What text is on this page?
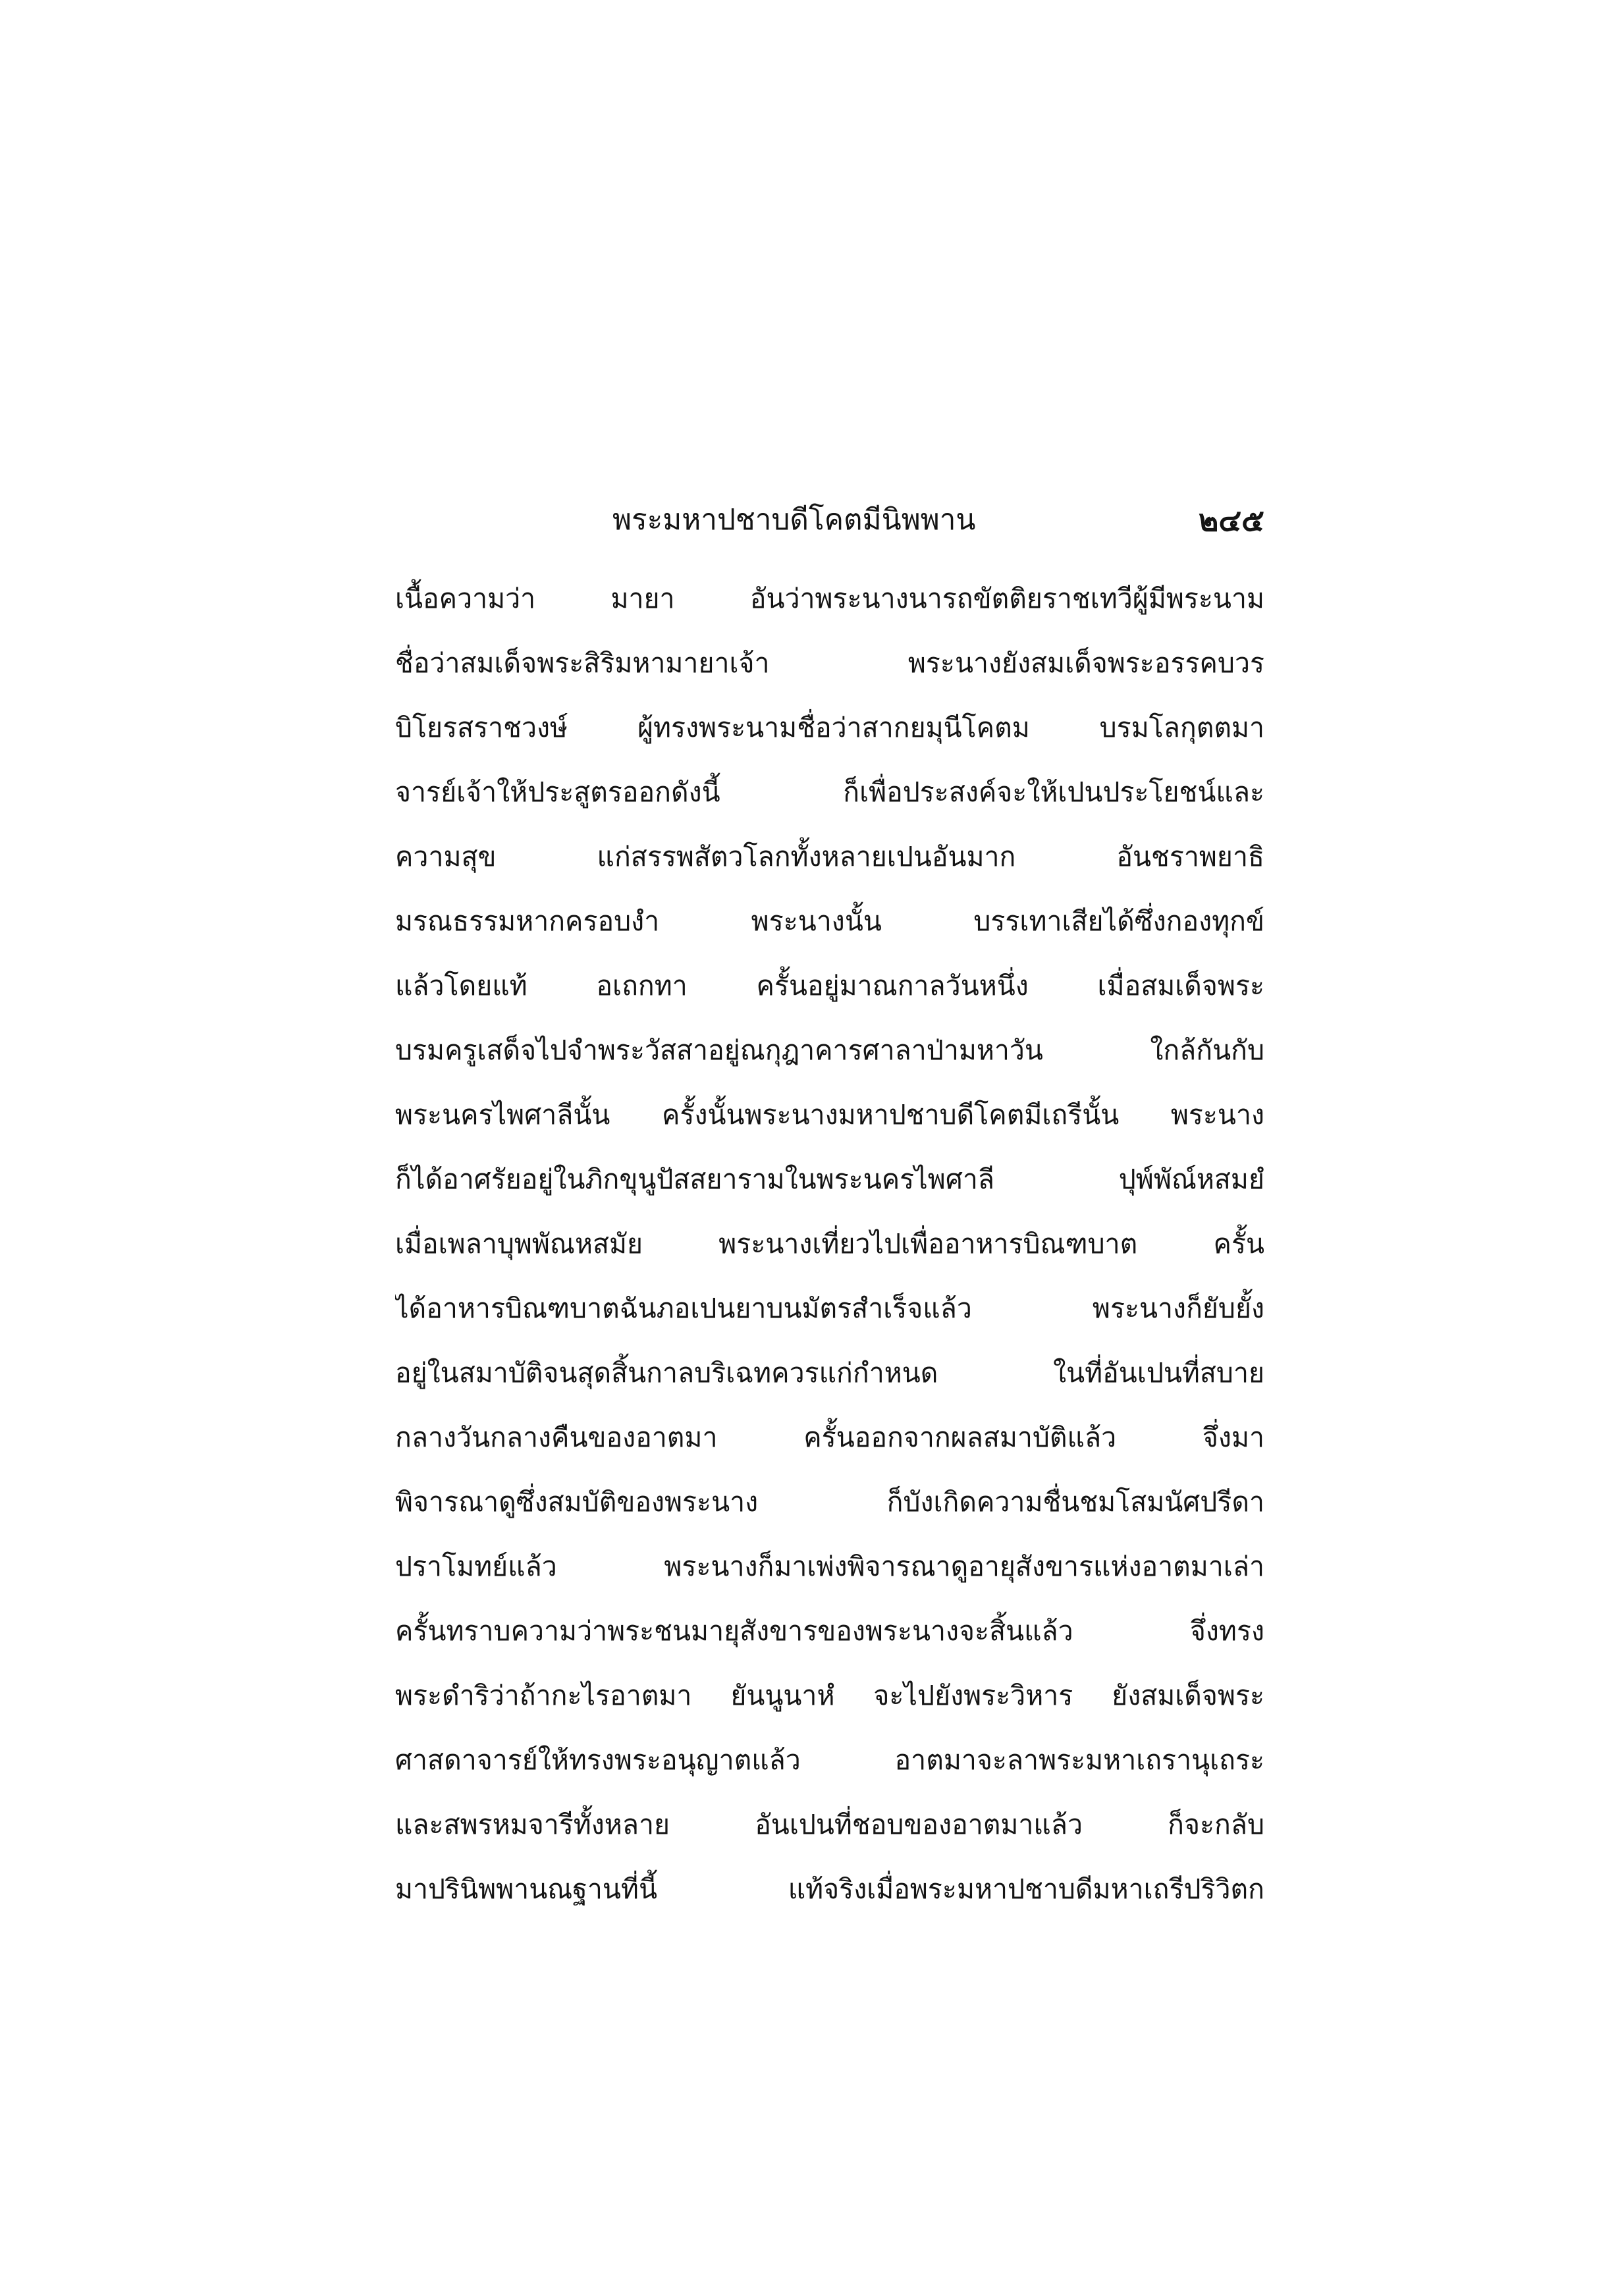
พระมหาปชาบดีโคตมีนิพพาน	๒๔๕
เนื้อความว่า มายา อันว่าพระนางนารถขัตติยราชเทวีผู้มีพระนาม
ชื่อว่าสมเด็จพระสิริมหามายาเจ้า พระนางยังสมเด็จพระอรรคบวร
บิโยรสราชวงษ์ ผู้ทรงพระนามชื่อว่าสากยมุนีโคตม บรมโลกุตตมา
จารย์เจ้าให้ประสูตรออกดังนี้ ก็เพื่อประสงค์จะให้เปนประโยชน์และ
ความสุข แก่สรรพสัตวโลกทั้งหลายเปนอันมาก อันชราพยาธิ
มรณธรรมหากครอบงำ พระนางนั้น บรรเทาเสียได้ซึ่งกองทุกข์
แล้วโดยแท้ อเถกทา ครั้นอยู่มาณกาลวันหนึ่ง เมื่อสมเด็จพระ
บรมครูเสด็จไปจำพระวัสสาอยู่ณกุฎาคารศาลาป่ามหาวัน ใกล้กันกับ
พระนครไพศาลีนั้น ครั้งนั้นพระนางมหาปชาบดีโคตมีเถรีนั้น พระนาง
ก็ได้อาศรัยอยู่ในภิกขุนูปัสสยารามในพระนครไพศาลี ปุพ์พัณ์หสมยํ
เมื่อเพลาบุพพัณหสมัย พระนางเที่ยวไปเพื่ออาหารบิณฑบาต ครั้น
ได้อาหารบิณฑบาตฉันภอเปนยาบนมัตรสำเร็จแล้ว พระนางก็ยับยั้ง
อยู่ในสมาบัติจนสุดสิ้นกาลบริเฉทควรแก่กำหนด ในที่อันเปนที่สบาย
กลางวันกลางคืนของอาตมา ครั้นออกจากผลสมาบัติแล้ว จึ่งมา
พิจารณาดูซึ่งสมบัติของพระนาง ก็บังเกิดความชื่นชมโสมนัศปรีดา
ปราโมทย์แล้ว พระนางก็มาเพ่งพิจารณาดูอายุสังขารแห่งอาตมาเล่า
ครั้นทราบความว่าพระชนมายุสังขารของพระนางจะสิ้นแล้ว จึ่งทรง
พระดำริว่าถ้ากะไรอาตมา ยันนูนาหํ จะไปยังพระวิหาร ยังสมเด็จพระ
ศาสดาจารย์ให้ทรงพระอนุญาตแล้ว อาตมาจะลาพระมหาเถรานุเถระ
และสพรหมจารีทั้งหลาย อันเปนที่ชอบของอาตมาแล้ว ก็จะกลับ
มาปรินิพพานณฐานที่นี้ แท้จริงเมื่อพระมหาปชาบดีมหาเถรีปริวิตก
